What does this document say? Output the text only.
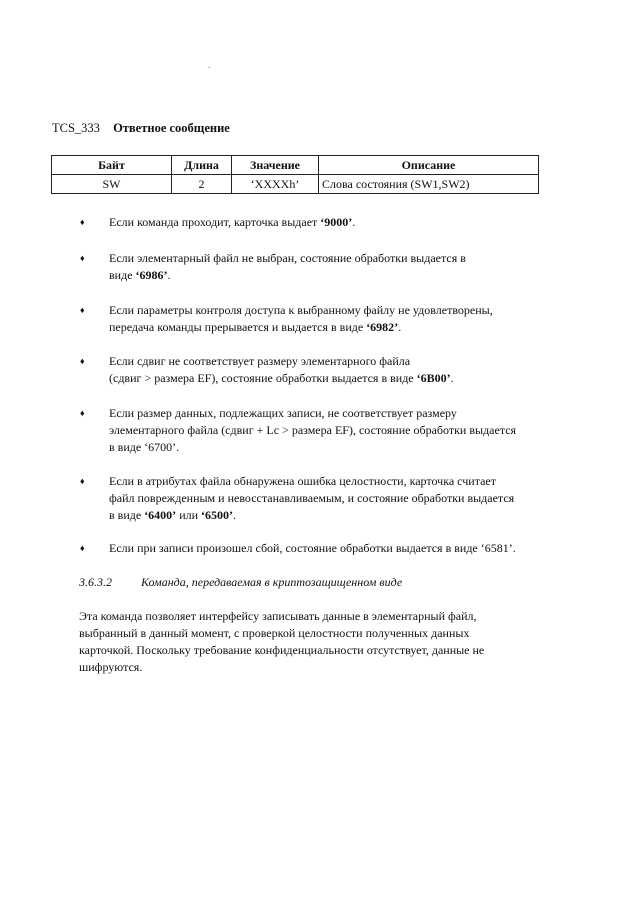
TCS_333 Ответное сообщение
Байт	Длина	Значение	Описание
SW	2	‘XXXXh’	Слова состояния (SW1,SW2)
♦ Если команда проходит, карточка выдает ‘9000’.
♦ Если элементарный файл не выбран, состояние обработки выдается в
виде ‘6986’.
♦ Если параметры контроля доступа к выбранному файлу не удовлетворены,
передача команды прерывается и выдается в виде ‘6982’.
♦ Если сдвиг не соответствует размеру элементарного файла
(сдвиг > размера EF), состояние обработки выдается в виде ‘6B00’.
♦ Если размер данных, подлежащих записи, не соответствует размеру
элементарного файла (сдвиг + Lc > размера EF), состояние обработки выдается
в виде ‘6700’.
♦ Если в атрибутах файла обнаружена ошибка целостности, карточка считает
файл поврежденным и невосстанавливаемым, и состояние обработки выдается
в виде ‘6400’ или ‘6500’.
♦ Если при записи произошел сбой, состояние обработки выдается в виде ‘6581’.
3.6.3.2 Команда, передаваемая в криптозащищенном виде
Эта команда позволяет интерфейсу записывать данные в элементарный файл,
выбранный в данный момент, с проверкой целостности полученных данных
карточкой. Поскольку требование конфиденциальности отсутствует, данные не
шифруются.
